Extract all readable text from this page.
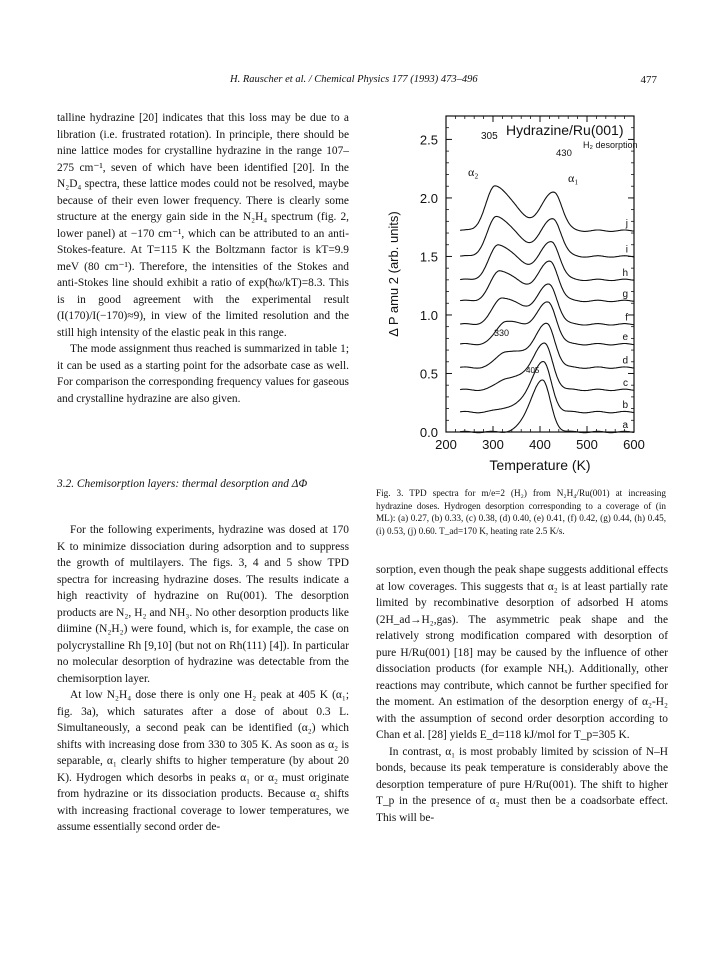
H. Rauscher et al. / Chemical Physics 177 (1993) 473–496	477

talline hydrazine [20] indicates that this loss may be due to a libration (i.e. frustrated rotation). In principle, there should be nine lattice modes for crystalline hydrazine in the range 107–275 cm⁻¹, seven of which have been identified [20]. In the N₂D₄ spectra, these lattice modes could not be resolved, maybe because of their even lower frequency. There is clearly some structure at the energy gain side in the N₂H₄ spectrum (fig. 2, lower panel) at −170 cm⁻¹, which can be attributed to an anti-Stokes-feature. At T=115 K the Boltzmann factor is kT=9.9 meV (80 cm⁻¹). Therefore, the intensities of the Stokes and anti-Stokes line should exhibit a ratio of exp(ħω/kT)=8.3. This is in good agreement with the experimental result (I(170)/I(−170)≈9), in view of the limited resolution and the still high intensity of the elastic peak in this range.

The mode assignment thus reached is summarized in table 1; it can be used as a starting point for the adsorbate case as well. For comparison the corresponding frequency values for gaseous and crystalline hydrazine are also given.

3.2. Chemisorption layers: thermal desorption and ΔΦ

For the following experiments, hydrazine was dosed at 170 K to minimize dissociation during adsorption and to suppress the growth of multilayers. The figs. 3, 4 and 5 show TPD spectra for increasing hydrazine doses. The results indicate a high reactivity of hydrazine on Ru(001). The desorption products are N₂, H₂ and NH₃. No other desorption products like diimine (N₂H₂) were found, which is, for example, the case on polycrystalline Rh [9,10] (but not on Rh(111) [4]). In particular no molecular desorption of hydrazine was detectable from the chemisorption layer.

At low N₂H₄ dose there is only one H₂ peak at 405 K (α₁; fig. 3a), which saturates after a dose of about 0.3 L. Simultaneously, a second peak can be identified (α₂) which shifts with increasing dose from 330 to 305 K. As soon as α₂ is separable, α₁ clearly shifts to higher temperature (by about 20 K). Hydrogen which desorbs in peaks α₁ or α₂ must originate from hydrazine or its dissociation products. Because α₂ shifts with increasing fractional coverage to lower temperatures, we assume essentially second order de-

200 300 400 500 600
0.0
0.5
1.0
1.5
2.0
2.5
a
b
c
d
e
f
g
h
i
j
Hydrazine/Ru(001)
H₂ desorption
305
430
330
405
α₂	α₁
Temperature (K)
Δ P amu 2 (arb. units)
Fig. 3. TPD spectra for m/e=2 (H₂) from N₂H₄/Ru(001) at increasing hydrazine doses. Hydrogen desorption corresponding to a coverage of (in ML): (a) 0.27, (b) 0.33, (c) 0.38, (d) 0.40, (e) 0.41, (f) 0.42, (g) 0.44, (h) 0.45, (i) 0.53, (j) 0.60. T_ad=170 K, heating rate 2.5 K/s.

sorption, even though the peak shape suggests additional effects at low coverages. This suggests that α₂ is at least partially rate limited by recombinative desorption of adsorbed H atoms (2H_ad→H₂,gas). The asymmetric peak shape and the relatively strong modification compared with desorption of pure H/Ru(001) [18] may be caused by the influence of other dissociation products (for example NHₓ). Additionally, other reactions may contribute, which cannot be further specified for the moment. An estimation of the desorption energy of α₂-H₂ with the assumption of second order desorption according to Chan et al. [28] yields E_d=118 kJ/mol for T_p=305 K.

In contrast, α₁ is most probably limited by scission of N–H bonds, because its peak temperature is considerably above the desorption temperature of pure H/Ru(001). The shift to higher T_p in the presence of α₂ must then be a coadsorbate effect. This will be-
